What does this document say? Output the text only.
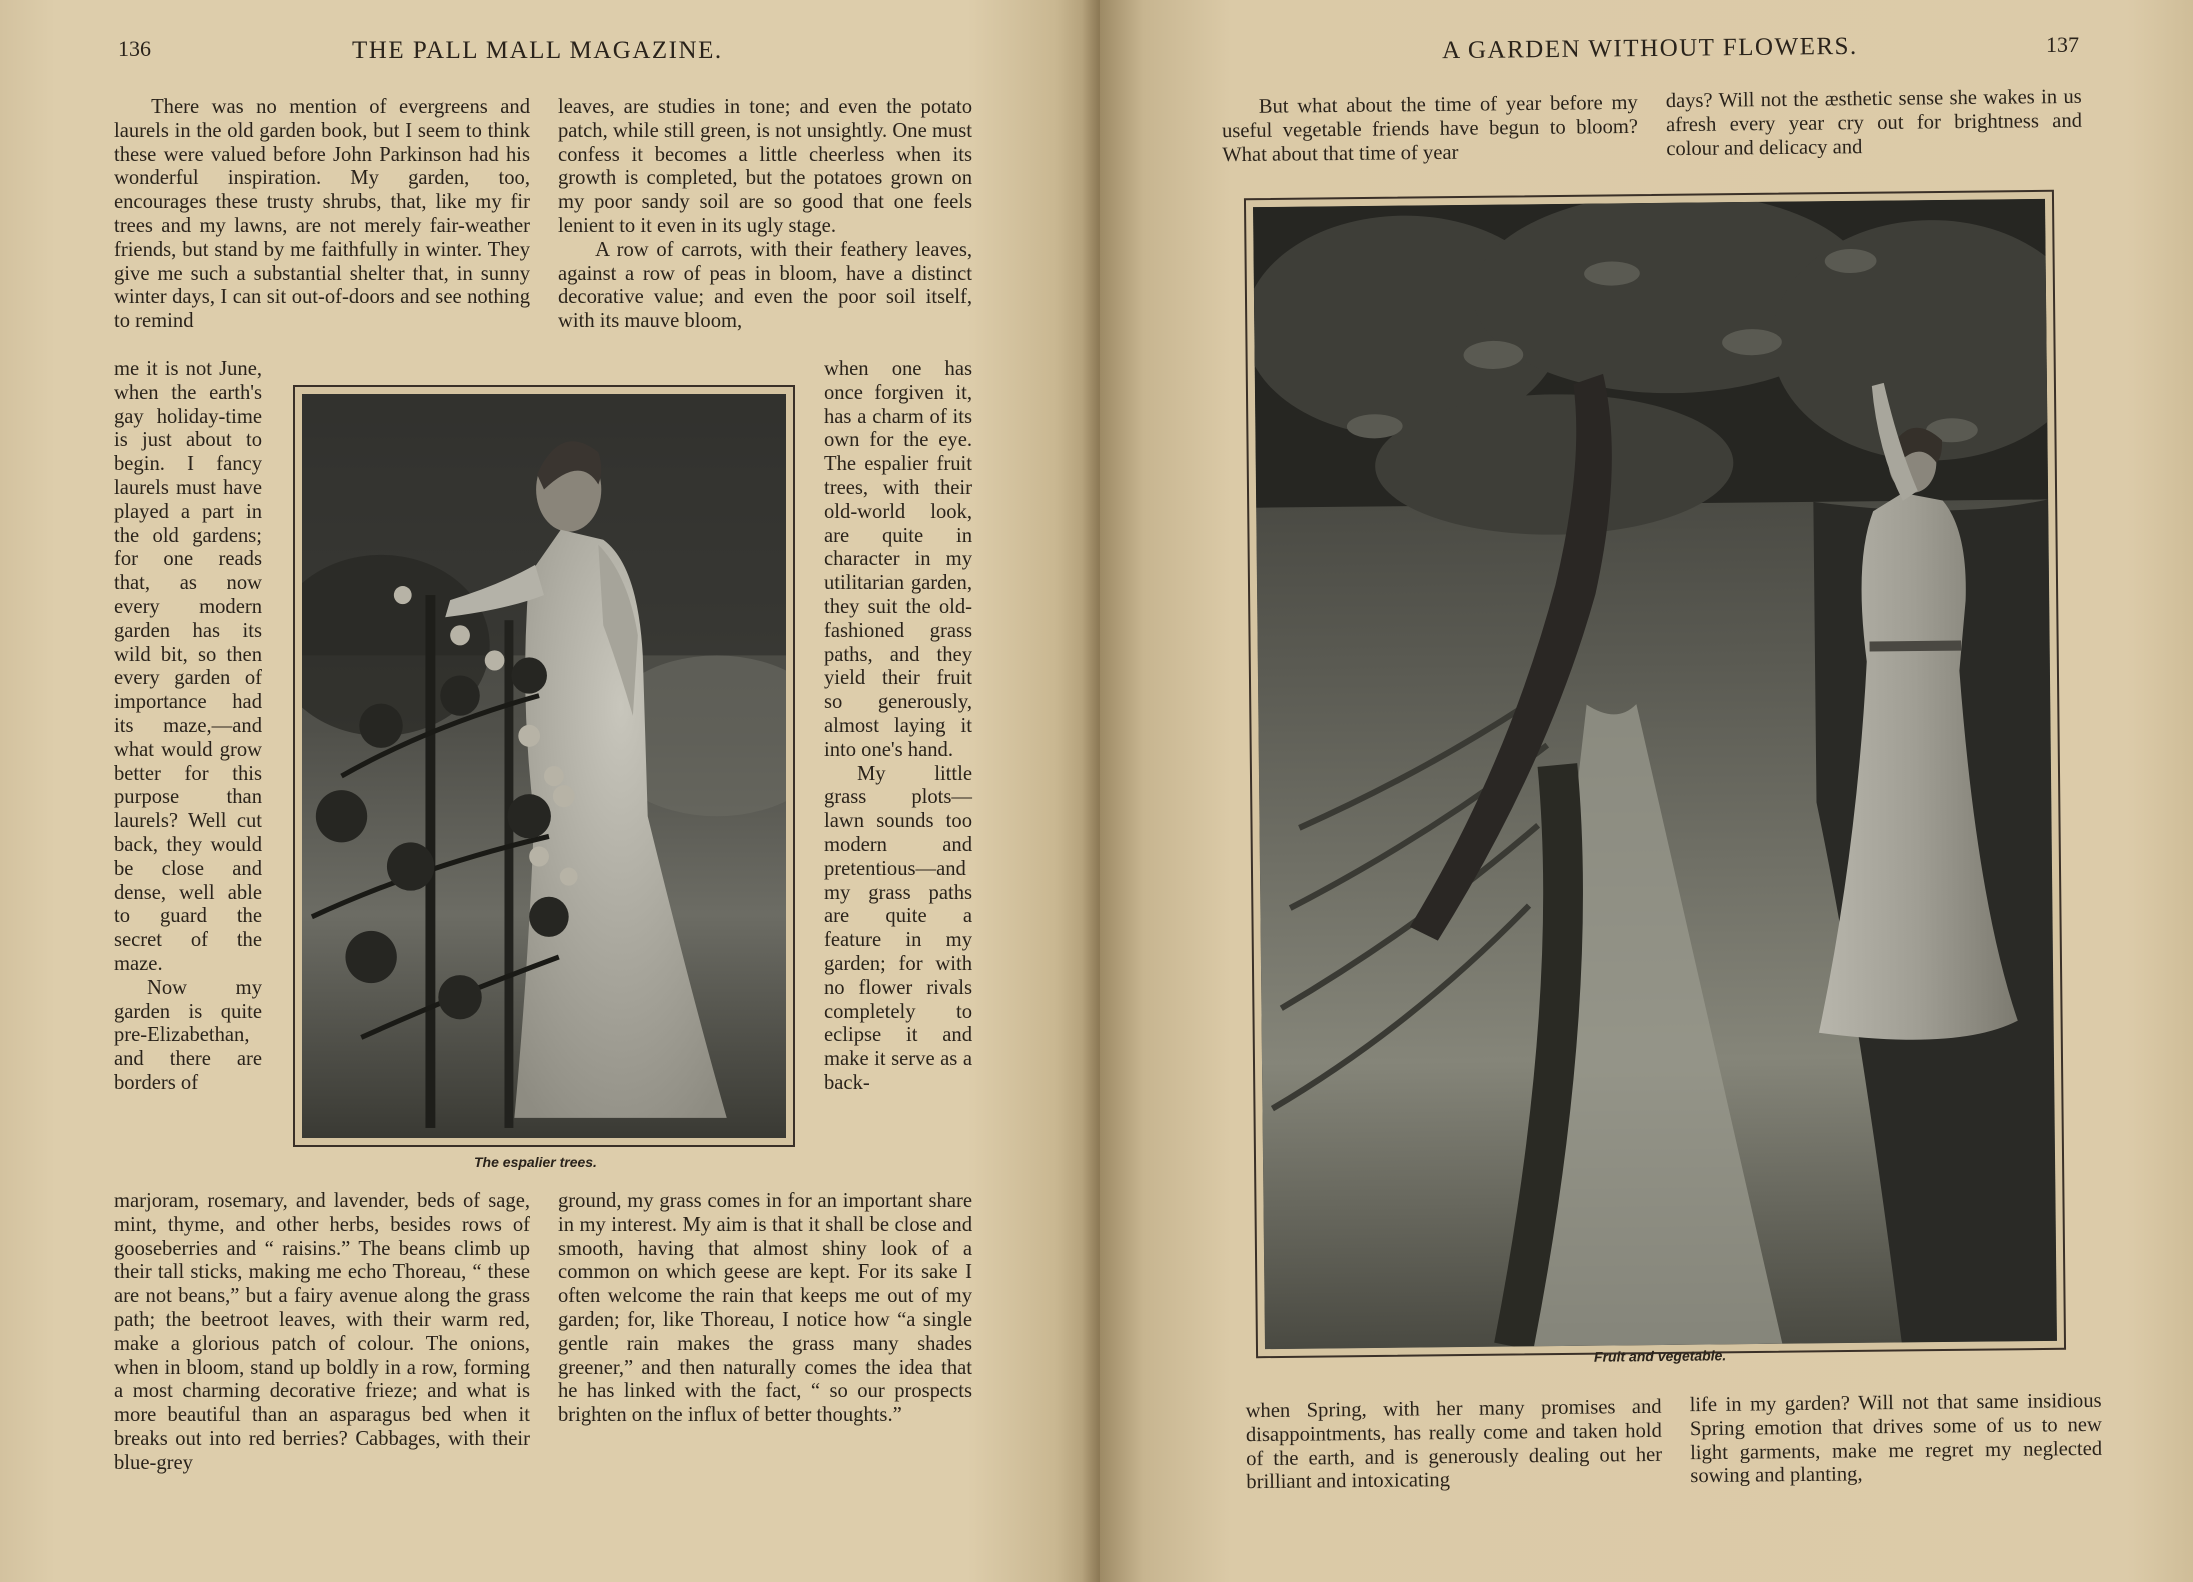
136	THE PALL MALL MAGAZINE.

There was no mention of evergreens and laurels in the old garden book, but I seem to think these were valued before John Parkinson had his wonderful inspiration. My garden, too, encourages these trusty shrubs, that, like my fir trees and my lawns, are not merely fair-weather friends, but stand by me faithfully in winter. They give me such a substantial shelter that, in sunny winter days, I can sit out-of-doors and see nothing to remind

me it is not June, when the earth's gay holiday-time is just about to begin. I fancy laurels must have played a part in the old gardens; for one reads that, as now every modern garden has its wild bit, so then every garden of importance had its maze,—and what would grow better for this purpose than laurels? Well cut back, they would be close and dense, well able to guard the secret of the maze.

Now my garden is quite pre-Elizabethan, and there are borders of

marjoram, rosemary, and lavender, beds of sage, mint, thyme, and other herbs, besides rows of gooseberries and “ raisins.” The beans climb up their tall sticks, making me echo Thoreau, “ these are not beans,” but a fairy avenue along the grass path; the beetroot leaves, with their warm red, make a glorious patch of colour. The onions, when in bloom, stand up boldly in a row, forming a most charming decorative frieze; and what is more beautiful than an asparagus bed when it breaks out into red berries? Cabbages, with their blue-grey

leaves, are studies in tone; and even the potato patch, while still green, is not unsightly. One must confess it becomes a little cheerless when its growth is completed, but the potatoes grown on my poor sandy soil are so good that one feels lenient to it even in its ugly stage.

A row of carrots, with their feathery leaves, against a row of peas in bloom, have a distinct decorative value; and even the poor soil itself, with its mauve bloom,

when one has once forgiven it, has a charm of its own for the eye. The espalier fruit trees, with their old-world look, are quite in character in my utilitarian garden, they suit the old-fashioned grass paths, and they yield their fruit so generously, almost laying it into one's hand.

My little grass plots—lawn sounds too modern and pretentious—and my grass paths are quite a feature in my garden; for with no flower rivals completely to eclipse it and make it serve as a back-

ground, my grass comes in for an important share in my interest. My aim is that it shall be close and smooth, having that almost shiny look of a common on which geese are kept. For its sake I often welcome the rain that keeps me out of my garden; for, like Thoreau, I notice how “a single gentle rain makes the grass many shades greener,” and then naturally comes the idea that he has linked with the fact, “ so our prospects brighten on the influx of better thoughts.”

The espalier trees.
A GARDEN WITHOUT FLOWERS.	137

But what about the time of year before my useful vegetable friends have begun to bloom? What about that time of year

days? Will not the æsthetic sense she wakes in us afresh every year cry out for brightness and colour and delicacy and

Fruit and vegetable.

when Spring, with her many promises and disappointments, has really come and taken hold of the earth, and is generously dealing out her brilliant and intoxicating

life in my garden? Will not that same insidious Spring emotion that drives some of us to new light garments, make me regret my neglected sowing and planting,
